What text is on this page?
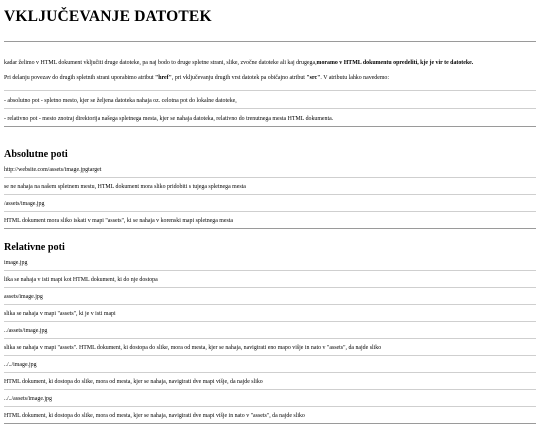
VKLJUČEVANJE DATOTEK

kadar želimo v HTML dokument vključiti druge datoteke, pa naj bodo to druge spletne strani, slike, zvočne datoteke ali kaj drugega,moramo v HTML dokumentu opredeliti, kje je vir te datoteke.

Pri delanju povezav do drugih spletnih strani uporabimo atribut "href", pri vključevanju drugih vrst datotek pa običajno atribut "src". V atributu lahko navedemo:

- absolutno pot - spletno mesto, kjer se željena datoteka nahaja oz. celotna pot do lokalne datoteke,

- relativno pot - mesto znotraj direktorija našega spletnega mesta, kjer se nahaja datoteka, relativno do trenutnega mesta HTML dokumenta.

Absolutne poti

http://website.com/assets/image.jpgtarget

se ne nahaja na našem spletnem mestu, HTML dokument mora sliko pridobiti s tujega spletnega mesta

/assets/image.jpg

HTML dokument mora sliko iskati v mapi "assets", ki se nahaja v korenski mapi spletnega mesta

Relativne poti

image.jpg

lika se nahaja v isti mapi kot HTML dokument, ki do nje dostopa

assets/image.jpg

slika se nahaja v mapi "assets", ki je v isti mapi

../assets/image.jpg

slika se nahaja v mapi "assets". HTML dokument, ki dostopa do slike, mora od mesta, kjer se nahaja, navigirati eno mapo višje in nato v "assets", da najde sliko

../../image.jpg

HTML dokument, ki dostopa do slike, mora od mesta, kjer se nahaja, navigirati dve mapi višje, da najde sliko

../../assets/image.jpg

HTML dokument, ki dostopa do slike, mora od mesta, kjer se nahaja, navigirati dve mapi višje in nato v "assets", da najde sliko
